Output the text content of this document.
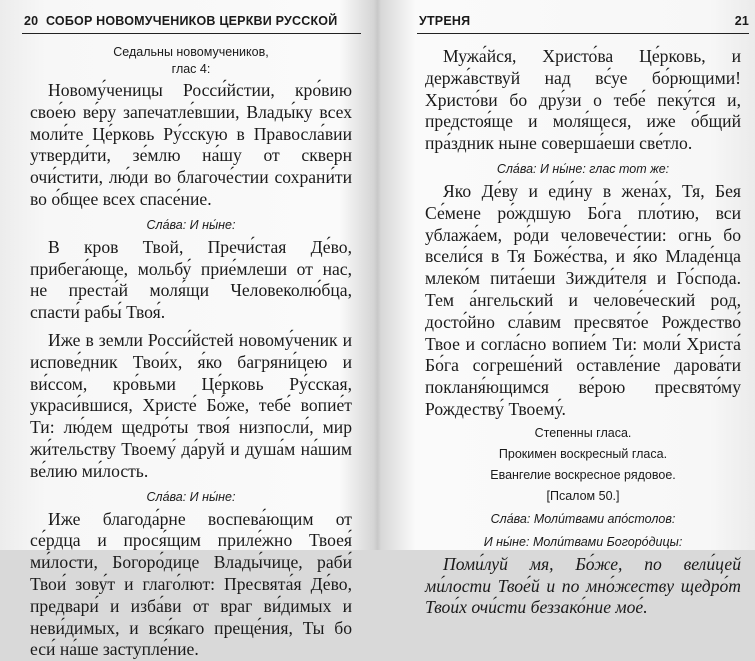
20 СОБОР НОВОМУЧЕНИКОВ ЦЕРКВИ РУССКОЙ
Седальны новомучеников,
глас 4:
Новому́ченицы Росси́йстии, кро́вию свое́ю ве́ру запечатле́вшии, Влады́ку всех моли́те Це́рковь Ру́сскую в Правосла́вии утверди́ти, зе́млю на́шу от скверн очи́стити, лю́ди во благоче́стии сохрани́ти во о́бщее всех спасе́ние.
Сла́ва: И ны́не:
В кров Твой, Пречи́стая Де́во, прибега́юще, мольбу́ прие́млеши от нас, не преста́й моля́щи Человеколю́бца, спасти́ рабы́ Твоя́.
Иже в земли Росси́йстей новому́ченик и испове́дник Твои́х, я́ко багряни́цею и ви́ссом, кро́вьми Це́рковь Ру́сская, украси́вшися, Христе́ Бо́же, тебе́ вопие́т Ти: лю́дем щедро́ты твоя́ низпосли́, мир жи́тельству Твоему́ да́руй и душа́м на́шим ве́лию ми́лость.
Сла́ва: И ны́не:
Иже благода́рне воспева́ющим от се́рдца и прося́щим приле́жно Твоея́ ми́лости, Богоро́дице Влады́чице, раби́ Твои́ зову́т и глаго́лют: Пресвята́я Де́во, предвари́ и изба́ви от враг ви́димых и неви́димых, и вся́каго преще́ния, Ты бо еси́ на́ше заступле́ние.
УТРЕНЯ	21
Мужа́йся, Христо́ва Це́рковь, и держа́вствуй над вс́уе бо́рющими! Христо́ви бо дру́зи о тебе́ пеку́тся и, предстоя́ще и моля́щеся, иже о́бщий пра́здник ныне соверша́еши све́тло.
Сла́ва: И ны́не: глас тот же:
Яко Де́ву и еди́ну в жена́х, Тя, Бея Се́мене ро́ждшую Бо́га пло́тию, вси ублажа́ем, ро́ди человече́стии: огнь бо всели́ся в Тя Боже́ства, и я́ко Младе́нца млеко́м пита́еши Зижди́теля и Го́спода. Тем а́нгельский и челове́ческий род, досто́йно сла́вим пресвято́е Рождество́ Твое и согла́сно вопие́м Ти: моли́ Христа́ Бо́га согреше́ний оставле́ние дарова́ти покланя́ющимся ве́рою пресвято́му Рождеству́ Твоему́.
Степенны гласа.
Прокимен воскресный гласа.
Евангелие воскресное рядовое.
[Псалом 50.]
Сла́ва: Моли́твами апо́столов:
И ны́не: Моли́твами Богоро́дицы:
Поми́луй мя, Бо́же, по вели́цей ми́лости Твое́й и по мно́жеству щедро́т Твои́х очи́сти беззако́ние мое́.
